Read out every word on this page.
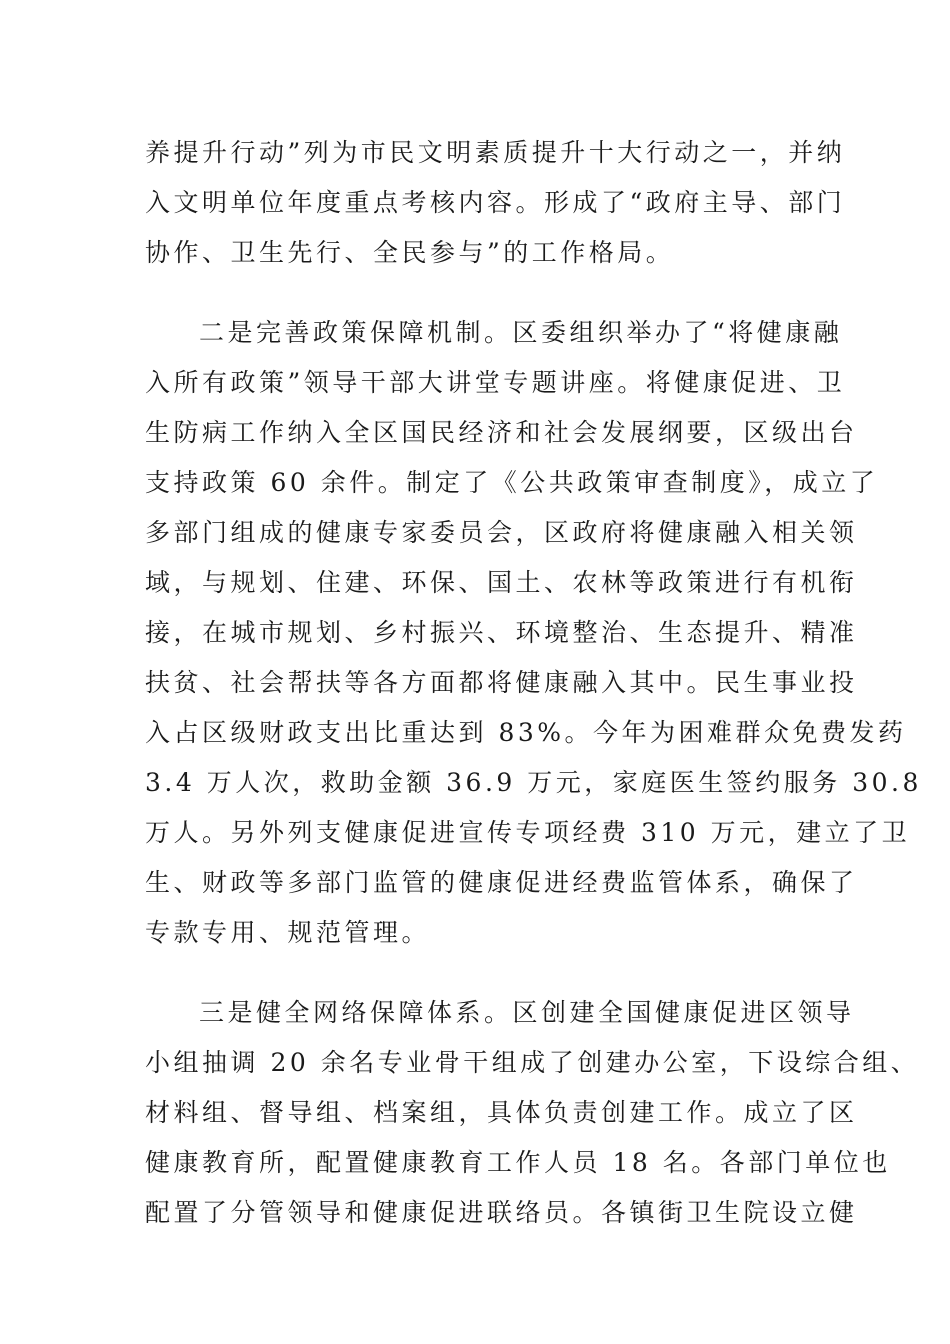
养提升行动”列为市民文明素质提升十大行动之一，并纳
入文明单位年度重点考核内容。形成了“政府主导、部门
协作、卫生先行、全民参与”的工作格局。
二是完善政策保障机制。区委组织举办了“将健康融
入所有政策”领导干部大讲堂专题讲座。将健康促进、卫
生防病工作纳入全区国民经济和社会发展纲要，区级出台
支持政策 60 余件。制定了《公共政策审查制度》，成立了
多部门组成的健康专家委员会，区政府将健康融入相关领
域，与规划、住建、环保、国土、农林等政策进行有机衔
接，在城市规划、乡村振兴、环境整治、生态提升、精准
扶贫、社会帮扶等各方面都将健康融入其中。民生事业投
入占区级财政支出比重达到 83%。今年为困难群众免费发药
3.4 万人次，救助金额 36.9 万元，家庭医生签约服务 30.8
万人。另外列支健康促进宣传专项经费 310 万元，建立了卫
生、财政等多部门监管的健康促进经费监管体系，确保了
专款专用、规范管理。
三是健全网络保障体系。区创建全国健康促进区领导
小组抽调 20 余名专业骨干组成了创建办公室，下设综合组、
材料组、督导组、档案组，具体负责创建工作。成立了区
健康教育所，配置健康教育工作人员 18 名。各部门单位也
配置了分管领导和健康促进联络员。各镇街卫生院设立健
